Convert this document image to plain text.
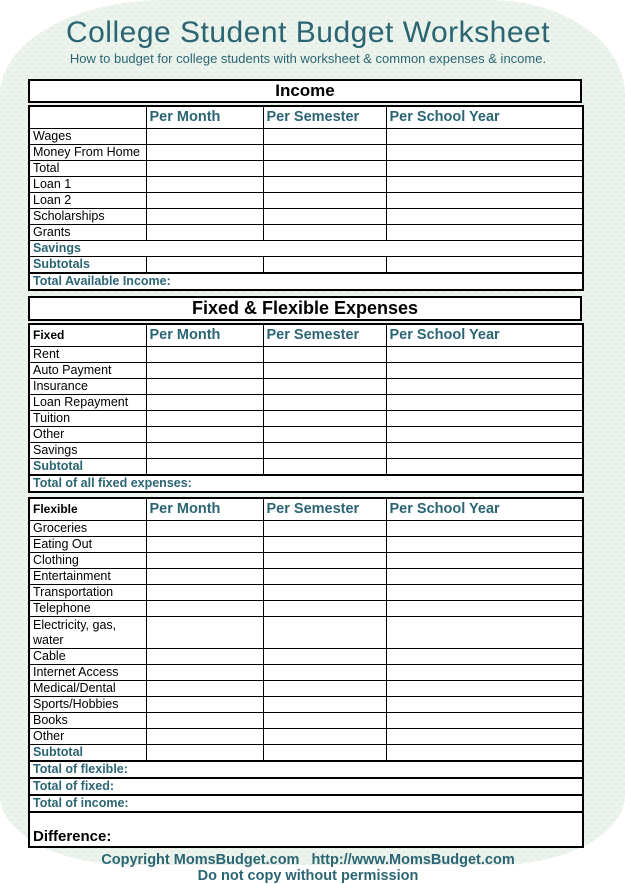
College Student Budget Worksheet
How to budget for college students with worksheet & common expenses & income.
Income
	Per Month	Per Semester	Per School Year
Wages			
Money From Home			
Total			
Loan 1			
Loan 2			
Scholarships			
Grants			
Savings			
Subtotals			
Total Available Income:			
Fixed & Flexible Expenses
Fixed	Per Month	Per Semester	Per School Year
Rent			
Auto Payment			
Insurance			
Loan Repayment			
Tuition			
Other			
Savings			
Subtotal			
Total of all fixed expenses:			
Flexible	Per Month	Per Semester	Per School Year
Groceries			
Eating Out			
Clothing			
Entertainment			
Transportation			
Telephone			
Electricity, gas, water			
Cable			
Internet Access			
Medical/Dental			
Sports/Hobbies			
Books			
Other			
Subtotal			
Total of flexible:			
Total of fixed:			
Total of income:			
Difference:			
Copyright MomsBudget.com http://www.MomsBudget.com
Do not copy without permission
